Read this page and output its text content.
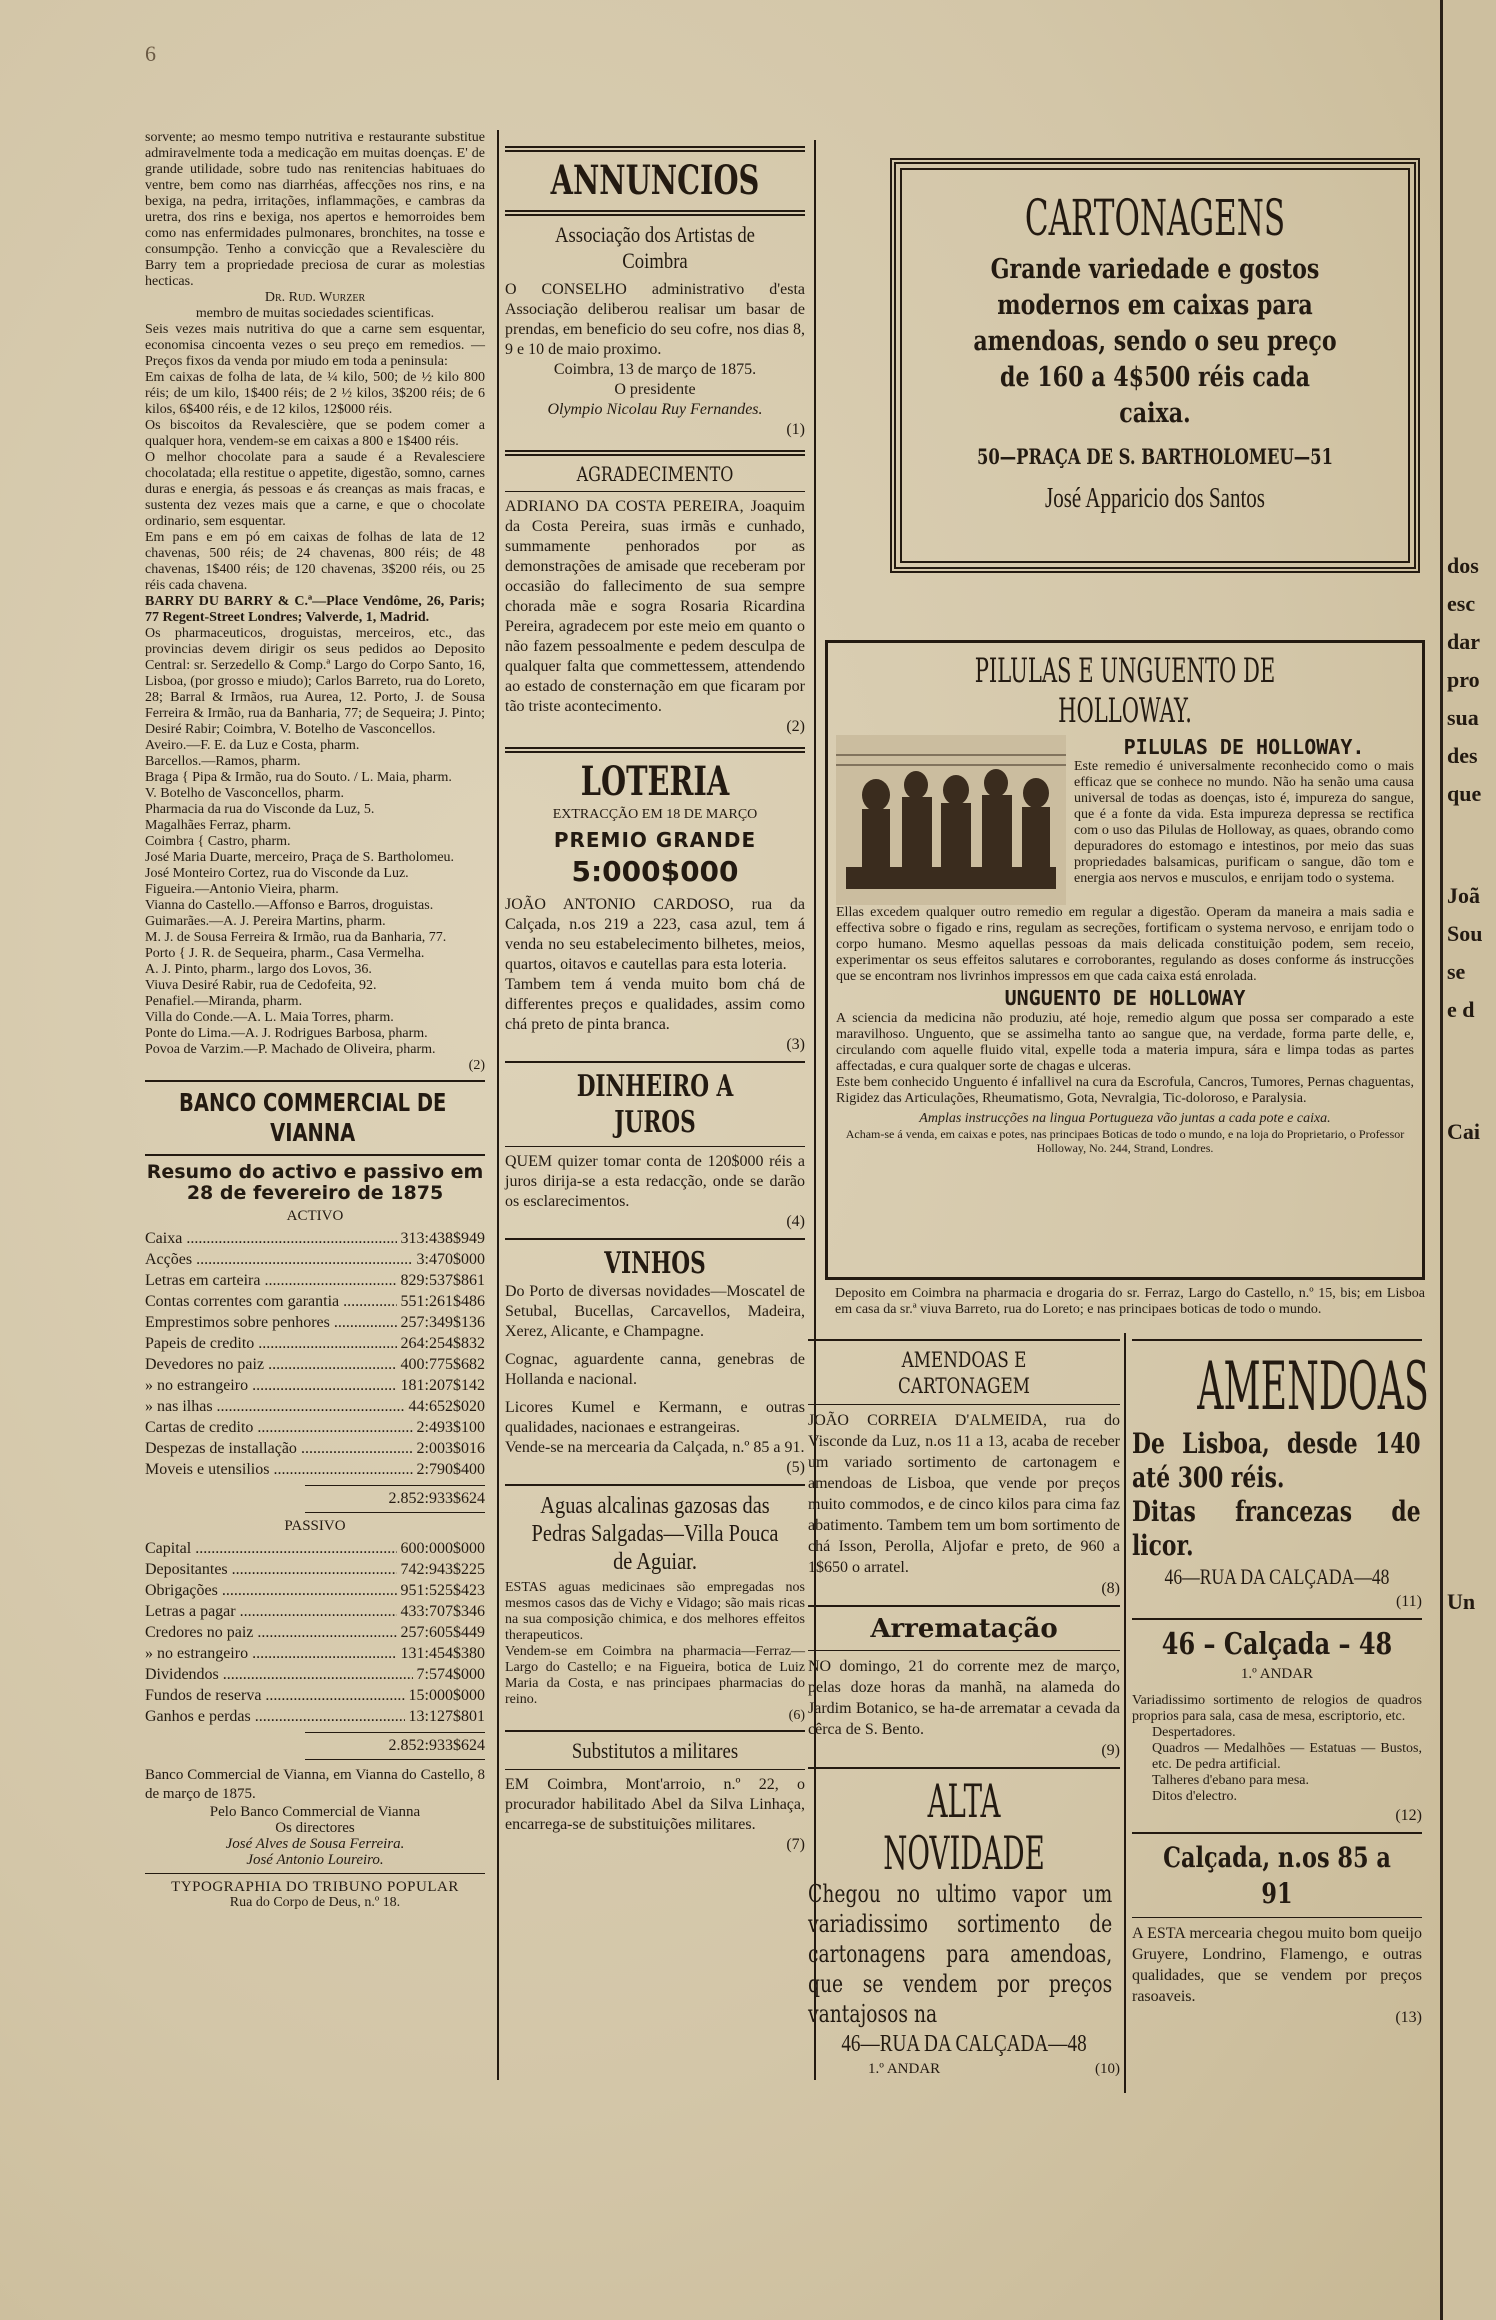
6

sorvente; ao mesmo tempo nutritiva e restaurante substitue admiravelmente toda a medicação em muitas doenças. E' de grande utilidade, sobre tudo nas renitencias habituaes do ventre, bem como nas diarrhéas, affecções nos rins, e na bexiga, na pedra, irritações, inflammações, e cambras da uretra, dos rins e bexiga, nos apertos e hemorroides bem como nas enfermidades pulmonares, bronchites, na tosse e consumpção. Tenho a convicção que a Revalescière du Barry tem a propriedade preciosa de curar as molestias hecticas.

Dr. Rud. Wurzer

membro de muitas sociedades scientificas.

Seis vezes mais nutritiva do que a carne sem esquentar, economisa cincoenta vezes o seu preço em remedios. — Preços fixos da venda por miudo em toda a peninsula:

Em caixas de folha de lata, de ¼ kilo, 500; de ½ kilo 800 réis; de um kilo, 1$400 réis; de 2 ½ kilos, 3$200 réis; de 6 kilos, 6$400 réis, e de 12 kilos, 12$000 réis.

Os biscoitos da Revalescière, que se podem comer a qualquer hora, vendem-se em caixas a 800 e 1$400 réis.

O melhor chocolate para a saude é a Revalesciere chocolatada; ella restitue o appetite, digestão, somno, carnes duras e energia, ás pessoas e ás creanças as mais fracas, e sustenta dez vezes mais que a carne, e que o chocolate ordinario, sem esquentar.

Em pans e em pó em caixas de folhas de lata de 12 chavenas, 500 réis; de 24 chavenas, 800 réis; de 48 chavenas, 1$400 réis; de 120 chavenas, 3$200 réis, ou 25 réis cada chavena.

BARRY DU BARRY & C.ª—Place Vendôme, 26, Paris; 77 Regent-Street Londres; Valverde, 1, Madrid.

Os pharmaceuticos, droguistas, merceiros, etc., das provincias devem dirigir os seus pedidos ao Deposito Central: sr. Serzedello & Comp.ª Largo do Corpo Santo, 16, Lisboa, (por grosso e miudo); Carlos Barreto, rua do Loreto, 28; Barral & Irmãos, rua Aurea, 12. Porto, J. de Sousa Ferreira & Irmão, rua da Banharia, 77; de Sequeira; J. Pinto; Desiré Rabir; Coimbra, V. Botelho de Vasconcellos.

Aveiro.—F. E. da Luz e Costa, pharm.

Barcellos.—Ramos, pharm.

Braga { Pipa & Irmão, rua do Souto. / L. Maia, pharm.

V. Botelho de Vasconcellos, pharm.

Pharmacia da rua do Visconde da Luz, 5.

Magalhães Ferraz, pharm.

Coimbra { Castro, pharm.

José Maria Duarte, merceiro, Praça de S. Bartholomeu.

José Monteiro Cortez, rua do Visconde da Luz.

Figueira.—Antonio Vieira, pharm.

Vianna do Castello.—Affonso e Barros, droguistas.

Guimarães.—A. J. Pereira Martins, pharm.

M. J. de Sousa Ferreira & Irmão, rua da Banharia, 77.

Porto { J. R. de Sequeira, pharm., Casa Vermelha.

A. J. Pinto, pharm., largo dos Lovos, 36.

Viuva Desiré Rabir, rua de Cedofeita, 92.

Penafiel.—Miranda, pharm.

Villa do Conde.—A. L. Maia Torres, pharm.

Ponte do Lima.—A. J. Rodrigues Barbosa, pharm.

Povoa de Varzim.—P. Machado de Oliveira, pharm.

(2)

BANCO COMMERCIAL DE VIANNA
Resumo do activo e passivo em 28 de fevereiro de 1875
ACTIVO
Caixa .....	313:438$949
Acções .....	3:470$000
Letras em carteira .....	829:537$861
Contas correntes com garantia .....	551:261$486
Emprestimos sobre penhores .....	257:349$136
Papeis de credito .....	264:254$832
Devedores no paiz .....	400:775$682
» no estrangeiro .....	181:207$142
» nas ilhas .....	44:652$020
Cartas de credito .....	2:493$100
Despezas de installação .....	2:003$016
Moveis e utensilios .....	2:790$400
2.852:933$624
PASSIVO
Capital .....	600:000$000
Depositantes .....	742:943$225
Obrigações .....	951:525$423
Letras a pagar .....	433:707$346
Credores no paiz .....	257:605$449
» no estrangeiro .....	131:454$380
Dividendos .....	7:574$000
Fundos de reserva .....	15:000$000
Ganhos e perdas .....	13:127$801
2.852:933$624

Banco Commercial de Vianna, em Vianna do Castello, 8 de março de 1875.

Pelo Banco Commercial de Vianna

Os directores

José Alves de Sousa Ferreira.

José Antonio Loureiro.

TYPOGRAPHIA DO TRIBUNO POPULAR

Rua do Corpo de Deus, n.º 18.

ANNUNCIOS
Associação dos Artistas de Coimbra

O CONSELHO administrativo d'esta Associação deliberou realisar um basar de prendas, em beneficio do seu cofre, nos dias 8, 9 e 10 de maio proximo.

Coimbra, 13 de março de 1875.

O presidente

Olympio Nicolau Ruy Fernandes.

(1)

AGRADECIMENTO

ADRIANO DA COSTA PEREIRA, Joaquim da Costa Pereira, suas irmãs e cunhado, summamente penhorados por as demonstrações de amisade que receberam por occasião do fallecimento de sua sempre chorada mãe e sogra Rosaria Ricardina Pereira, agradecem por este meio em quanto o não fazem pessoalmente e pedem desculpa de qualquer falta que commettessem, attendendo ao estado de consternação em que ficaram por tão triste acontecimento.

(2)

LOTERIA
EXTRACÇÃO EM 18 DE MARÇO
PREMIO GRANDE
5:000$000

JOÃO ANTONIO CARDOSO, rua da Calçada, n.os 219 a 223, casa azul, tem á venda no seu estabelecimento bilhetes, meios, quartos, oitavos e cautellas para esta loteria.

Tambem tem á venda muito bom chá de differentes preços e qualidades, assim como chá preto de pinta branca.

(3)

DINHEIRO A JUROS

QUEM quizer tomar conta de 120$000 réis a juros dirija-se a esta redacção, onde se darão os esclarecimentos.

(4)

VINHOS

Do Porto de diversas novidades—Moscatel de Setubal, Bucellas, Carcavellos, Madeira, Xerez, Alicante, e Champagne.

Cognac, aguardente canna, genebras de Hollanda e nacional.

Licores Kumel e Kermann, e outras qualidades, nacionaes e estrangeiras.

Vende-se na mercearia da Calçada, n.º 85 a 91.

(5)

Aguas alcalinas gazosas das Pedras Salgadas—Villa Pouca de Aguiar.

ESTAS aguas medicinaes são empregadas nos mesmos casos das de Vichy e Vidago; são mais ricas na sua composição chimica, e dos melhores effeitos therapeuticos.

Vendem-se em Coimbra na pharmacia—Ferraz—Largo do Castello; e na Figueira, botica de Luiz Maria da Costa, e nas principaes pharmacias do reino.

(6)

Substitutos a militares

EM Coimbra, Mont'arroio, n.º 22, o procurador habilitado Abel da Silva Linhaça, encarrega-se de substituições militares.

(7)

CARTONAGENS
Grande variedade e gostos modernos em caixas para amendoas, sendo o seu preço de 160 a 4$500 réis cada caixa.
50—PRAÇA DE S. BARTHOLOMEU—51
José Apparicio dos Santos
PILULAS E UNGUENTO DE HOLLOWAY.
PILULAS DE HOLLOWAY.

Este remedio é universalmente reconhecido como o mais efficaz que se conhece no mundo. Não ha senão uma causa universal de todas as doenças, isto é, impureza do sangue, que é a fonte da vida. Esta impureza depressa se rectifica com o uso das Pilulas de Holloway, as quaes, obrando como depuradores do estomago e intestinos, por meio das suas propriedades balsamicas, purificam o sangue, dão tom e energia aos nervos e musculos, e enrijam todo o systema.

Ellas excedem qualquer outro remedio em regular a digestão. Operam da maneira a mais sadia e effectiva sobre o figado e rins, regulam as secreções, fortificam o systema nervoso, e enrijam todo o corpo humano. Mesmo aquellas pessoas da mais delicada constituição podem, sem receio, experimentar os seus effeitos salutares e corroborantes, regulando as doses conforme ás instrucções que se encontram nos livrinhos impressos em que cada caixa está enrolada.

UNGUENTO DE HOLLOWAY

A sciencia da medicina não produziu, até hoje, remedio algum que possa ser comparado a este maravilhoso. Unguento, que se assimelha tanto ao sangue que, na verdade, forma parte delle, e, circulando com aquelle fluido vital, expelle toda a materia impura, sára e limpa todas as partes affectadas, e cura qualquer sorte de chagas e ulceras.

Este bem conhecido Unguento é infallivel na cura da Escrofula, Cancros, Tumores, Pernas chaguentas, Rigidez das Articulações, Rheumatismo, Gota, Nevralgia, Tic-doloroso, e Paralysia.

Amplas instrucções na lingua Portugueza vão juntas a cada pote e caixa.

Acham-se á venda, em caixas e potes, nas principaes Boticas de todo o mundo, e na loja do Proprietario, o Professor Holloway, No. 244, Strand, Londres.

Deposito em Coimbra na pharmacia e drogaria do sr. Ferraz, Largo do Castello, n.º 15, bis; em Lisboa em casa da sr.ª viuva Barreto, rua do Loreto; e nas principaes boticas de todo o mundo.
AMENDOAS E CARTONAGEM

JOÃO CORREIA D'ALMEIDA, rua do Visconde da Luz, n.os 11 a 13, acaba de receber um variado sortimento de cartonagem e amendoas de Lisboa, que vende por preços muito commodos, e de cinco kilos para cima faz abatimento. Tambem tem um bom sortimento de chá Isson, Perolla, Aljofar e preto, de 960 a 1$650 o arratel.

(8)

Arrematação

NO domingo, 21 do corrente mez de março, pelas doze horas da manhã, na alameda do Jardim Botanico, se ha-de arrematar a cevada da cêrca de S. Bento.

(9)

ALTA NOVIDADE

Chegou no ultimo vapor um variadissimo sortimento de cartonagens para amendoas, que se vendem por preços vantajosos na

46—RUA DA CALÇADA—48
1.º ANDAR	(10)
AMENDOAS

De Lisboa, desde 140 até 300 réis.

Ditas francezas de licor.

46—RUA DA CALÇADA—48

(11)

46 – Calçada – 48
1.º ANDAR

Variadissimo sortimento de relogios de quadros proprios para sala, casa de mesa, escriptorio, etc.

Despertadores.

Quadros — Medalhões — Estatuas — Bustos, etc. De pedra artificial.

Talheres d'ebano para mesa.

Ditos d'electro.

(12)

Calçada, n.os 85 a 91

A ESTA mercearia chegou muito bom queijo Gruyere, Londrino, Flamengo, e outras qualidades, que se vendem por preços rasoaveis.

(13)

dos
esc
dar
pro
sua
des
que
Joã
Sou
se
e d
Cai
Un
